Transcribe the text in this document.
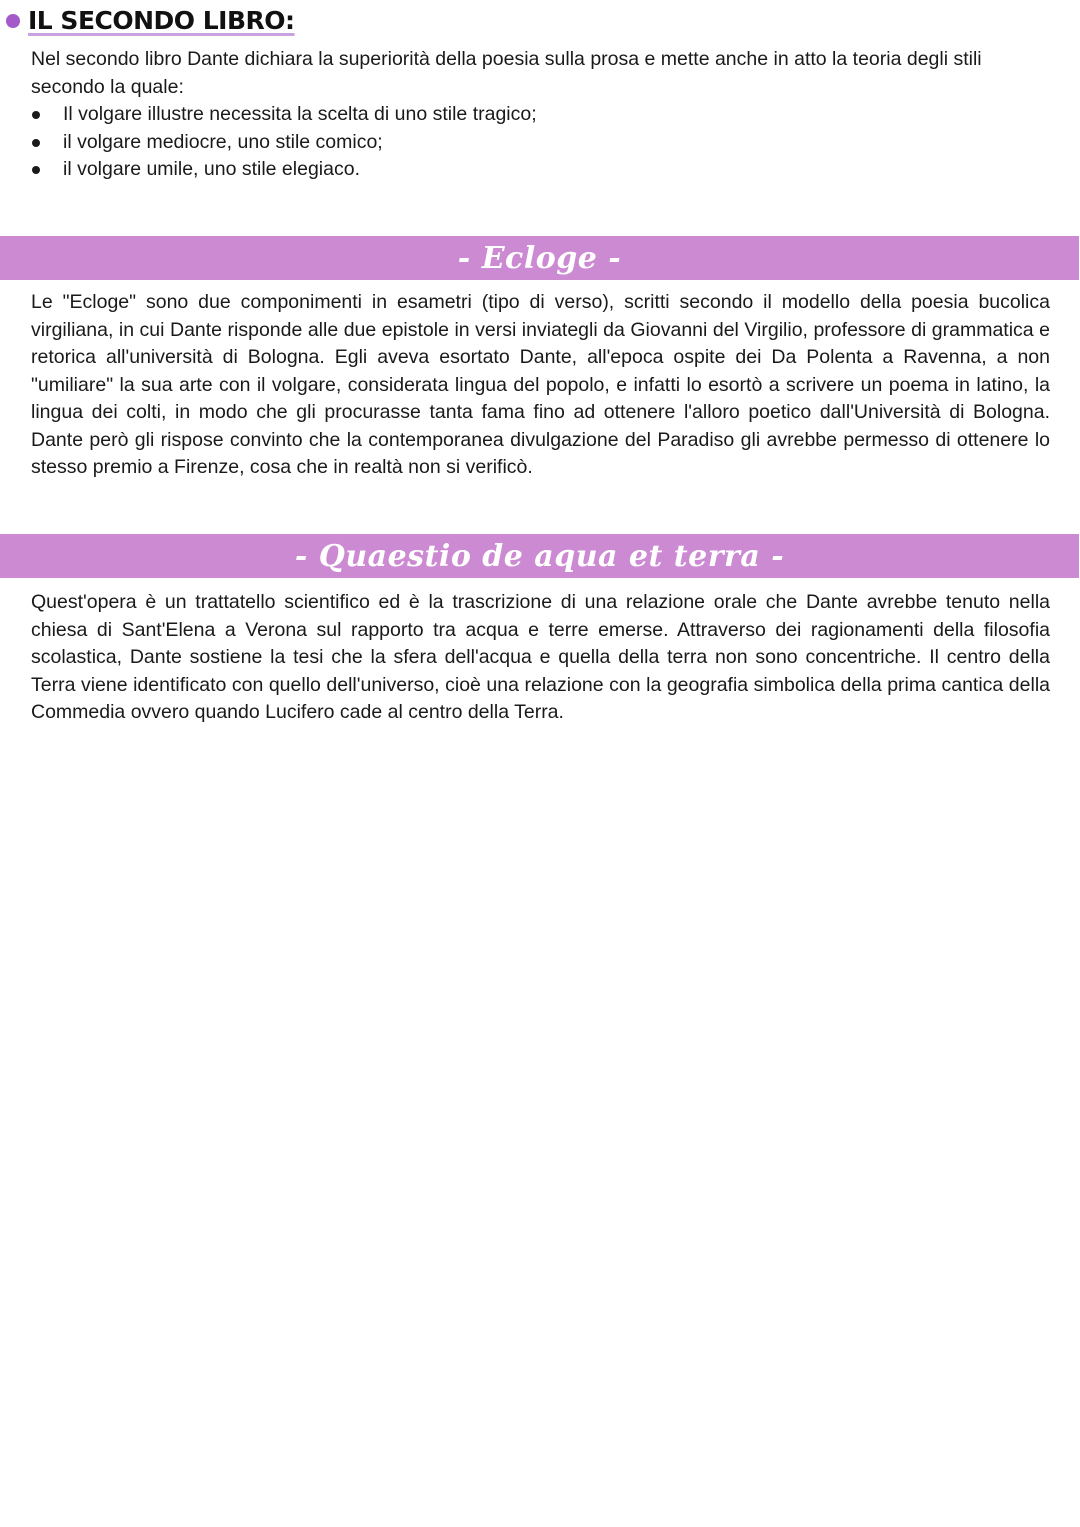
IL SECONDO LIBRO:

Nel secondo libro Dante dichiara la superiorità della poesia sulla prosa e mette anche in atto la teoria degli stili secondo la quale:

Il volgare illustre necessita la scelta di uno stile tragico;
il volgare mediocre, uno stile comico;
il volgare umile, uno stile elegiaco.
- Ecloge -

Le "Ecloge" sono due componimenti in esametri (tipo di verso), scritti secondo il modello della poesia bucolica virgiliana, in cui Dante risponde alle due epistole in versi inviategli da Giovanni del Virgilio, professore di grammatica e retorica all'università di Bologna. Egli aveva esortato Dante, all'epoca ospite dei Da Polenta a Ravenna, a non "umiliare" la sua arte con il volgare, considerata lingua del popolo, e infatti lo esortò a scrivere un poema in latino, la lingua dei colti, in modo che gli procurasse tanta fama fino ad ottenere l'alloro poetico dall'Università di Bologna. Dante però gli rispose convinto che la contemporanea divulgazione del Paradiso gli avrebbe permesso di ottenere lo stesso premio a Firenze, cosa che in realtà non si verificò.

- Quaestio de aqua et terra -

Quest'opera è un trattatello scientifico ed è la trascrizione di una relazione orale che Dante avrebbe tenuto nella chiesa di Sant'Elena a Verona sul rapporto tra acqua e terre emerse. Attraverso dei ragionamenti della filosofia scolastica, Dante sostiene la tesi che la sfera dell'acqua e quella della terra non sono concentriche. Il centro della Terra viene identificato con quello dell'universo, cioè una relazione con la geografia simbolica della prima cantica della Commedia ovvero quando Lucifero cade al centro della Terra.
